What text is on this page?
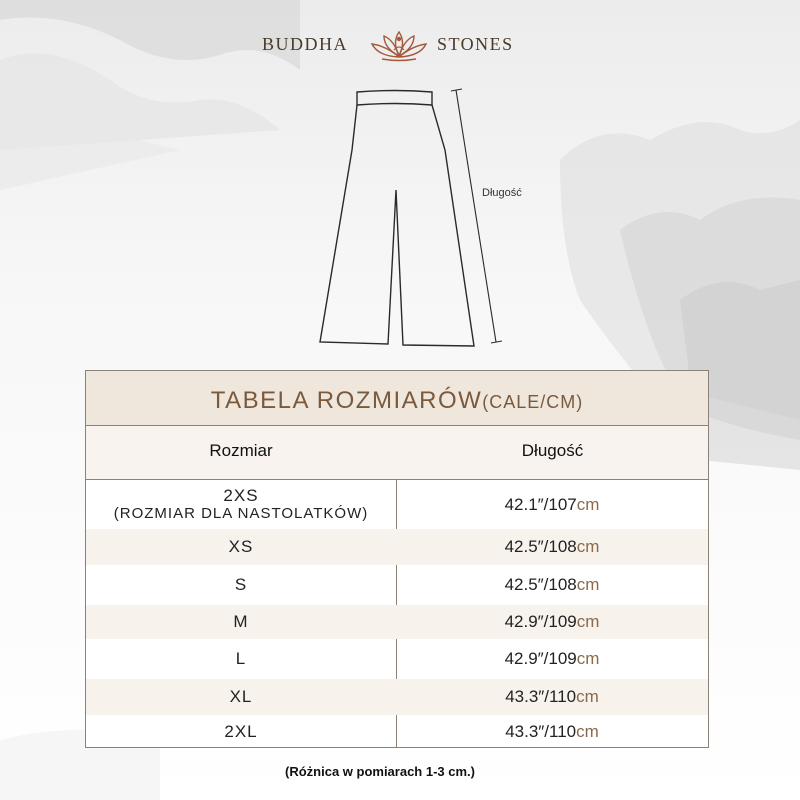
BUDDHA	STONES
Długość
TABELA ROZMIARÓW(CALE/CM)
Rozmiar	Długość
2XS
(ROZMIAR DLA NASTOLATKÓW)	42.1″/107cm
XS	42.5″/108cm
S	42.5″/108cm
M	42.9″/109cm
L	42.9″/109cm
XL	43.3″/110cm
2XL	43.3″/110cm
(Różnica w pomiarach 1-3 cm.)
